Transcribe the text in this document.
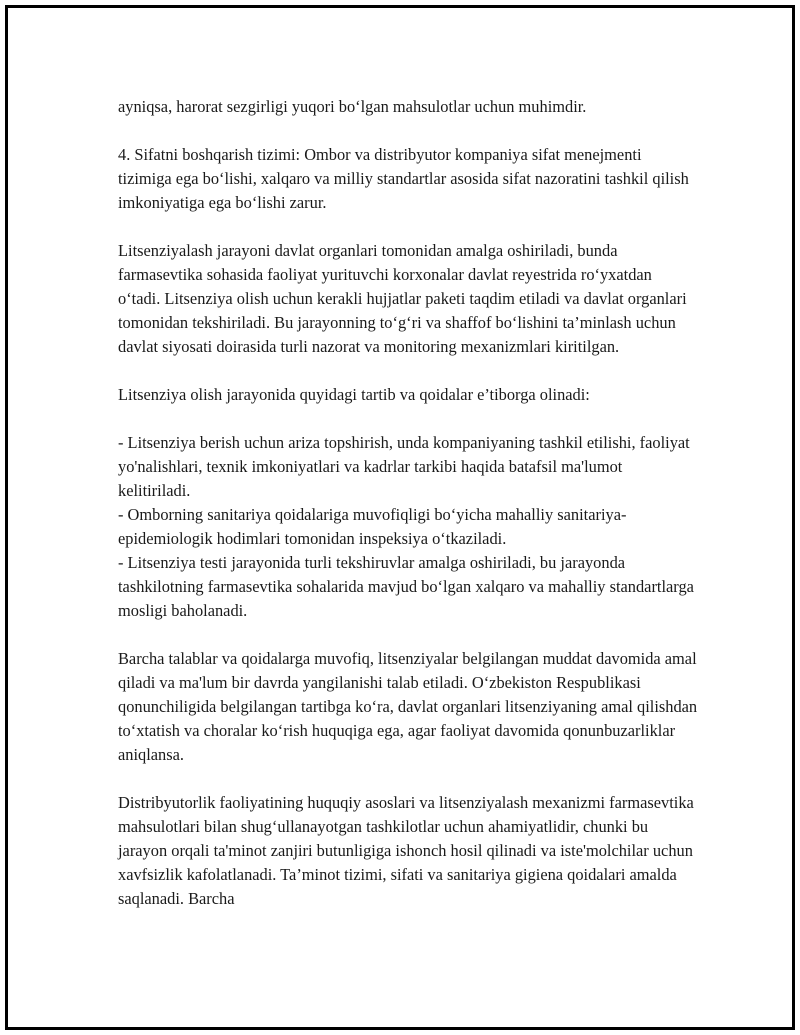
ayniqsa, harorat sezgirligi yuqori bo‘lgan mahsulotlar uchun muhimdir.

4. Sifatni boshqarish tizimi: Ombor va distribyutor kompaniya sifat menejmenti tizimiga ega bo‘lishi, xalqaro va milliy standartlar asosida sifat nazoratini tashkil qilish imkoniyatiga ega bo‘lishi zarur.

Litsenziyalash jarayoni davlat organlari tomonidan amalga oshiriladi, bunda farmasevtika sohasida faoliyat yurituvchi korxonalar davlat reyestrida ro‘yxatdan o‘tadi. Litsenziya olish uchun kerakli hujjatlar paketi taqdim etiladi va davlat organlari tomonidan tekshiriladi. Bu jarayonning to‘g‘ri va shaffof bo‘lishini ta’minlash uchun davlat siyosati doirasida turli nazorat va monitoring mexanizmlari kiritilgan.

Litsenziya olish jarayonida quyidagi tartib va qoidalar e’tiborga olinadi:

- Litsenziya berish uchun ariza topshirish, unda kompaniyaning tashkil etilishi, faoliyat yo'nalishlari, texnik imkoniyatlari va kadrlar tarkibi haqida batafsil ma'lumot kelitiriladi.

- Omborning sanitariya qoidalariga muvofiqligi bo‘yicha mahalliy sanitariya-epidemiologik hodimlari tomonidan inspeksiya o‘tkaziladi.

- Litsenziya testi jarayonida turli tekshiruvlar amalga oshiriladi, bu jarayonda tashkilotning farmasevtika sohalarida mavjud bo‘lgan xalqaro va mahalliy standartlarga mosligi baholanadi.

Barcha talablar va qoidalarga muvofiq, litsenziyalar belgilangan muddat davomida amal qiladi va ma'lum bir davrda yangilanishi talab etiladi. O‘zbekiston Respublikasi qonunchiligida belgilangan tartibga ko‘ra, davlat organlari litsenziyaning amal qilishdan to‘xtatish va choralar ko‘rish huquqiga ega, agar faoliyat davomida qonunbuzarliklar aniqlansa.

Distribyutorlik faoliyatining huquqiy asoslari va litsenziyalash mexanizmi farmasevtika mahsulotlari bilan shug‘ullanayotgan tashkilotlar uchun ahamiyatlidir, chunki bu jarayon orqali ta'minot zanjiri butunligiga ishonch hosil qilinadi va iste'molchilar uchun xavfsizlik kafolatlanadi. Ta’minot tizimi, sifati va sanitariya gigiena qoidalari amalda saqlanadi. Barcha
